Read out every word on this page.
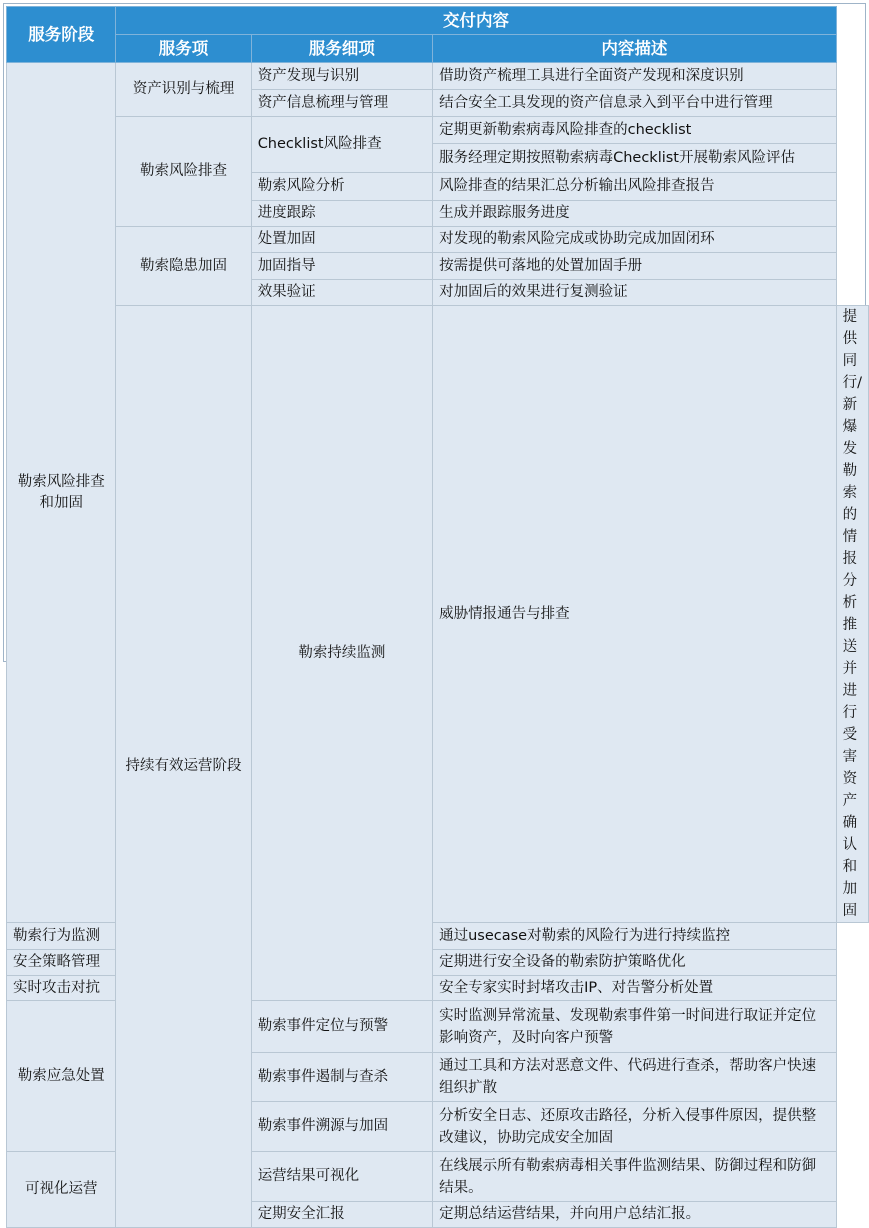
服务阶段	交付内容			
	服务项	服务细项	内容描述	
勒索风险排查和加固	资产识别与梳理	资产发现与识别	借助资产梳理工具进行全面资产发现和深度识别	
		资产信息梳理与管理	结合安全工具发现的资产信息录入到平台中进行管理	
	勒索风险排查	Checklist风险排查	定期更新勒索病毒风险排查的checklist	
			服务经理定期按照勒索病毒Checklist开展勒索风险评估	
		勒索风险分析	风险排查的结果汇总分析输出风险排查报告	
		进度跟踪	生成并跟踪服务进度	
	勒索隐患加固	处置加固	对发现的勒索风险完成或协助完成加固闭环	
		加固指导	按需提供可落地的处置加固手册	
		效果验证	对加固后的效果进行复测验证	
	持续有效运营阶段	勒索持续监测	威胁情报通告与排查	提供同行/新爆发勒索的情报分析推送并进行受害资产确认和加固
勒索行为监测			通过usecase对勒索的风险行为进行持续监控	
安全策略管理			定期进行安全设备的勒索防护策略优化	
实时攻击对抗			安全专家实时封堵攻击IP、对告警分析处置	
勒索应急处置		勒索事件定位与预警	实时监测异常流量、发现勒索事件第一时间进行取证并定位影响资产，及时向客户预警	
		勒索事件遏制与查杀	通过工具和方法对恶意文件、代码进行查杀，帮助客户快速组织扩散	
		勒索事件溯源与加固	分析安全日志、还原攻击路径，分析入侵事件原因，提供整改建议，协助完成安全加固	
可视化运营		运营结果可视化	在线展示所有勒索病毒相关事件监测结果、防御过程和防御结果。	
		定期安全汇报	定期总结运营结果，并向用户总结汇报。	
